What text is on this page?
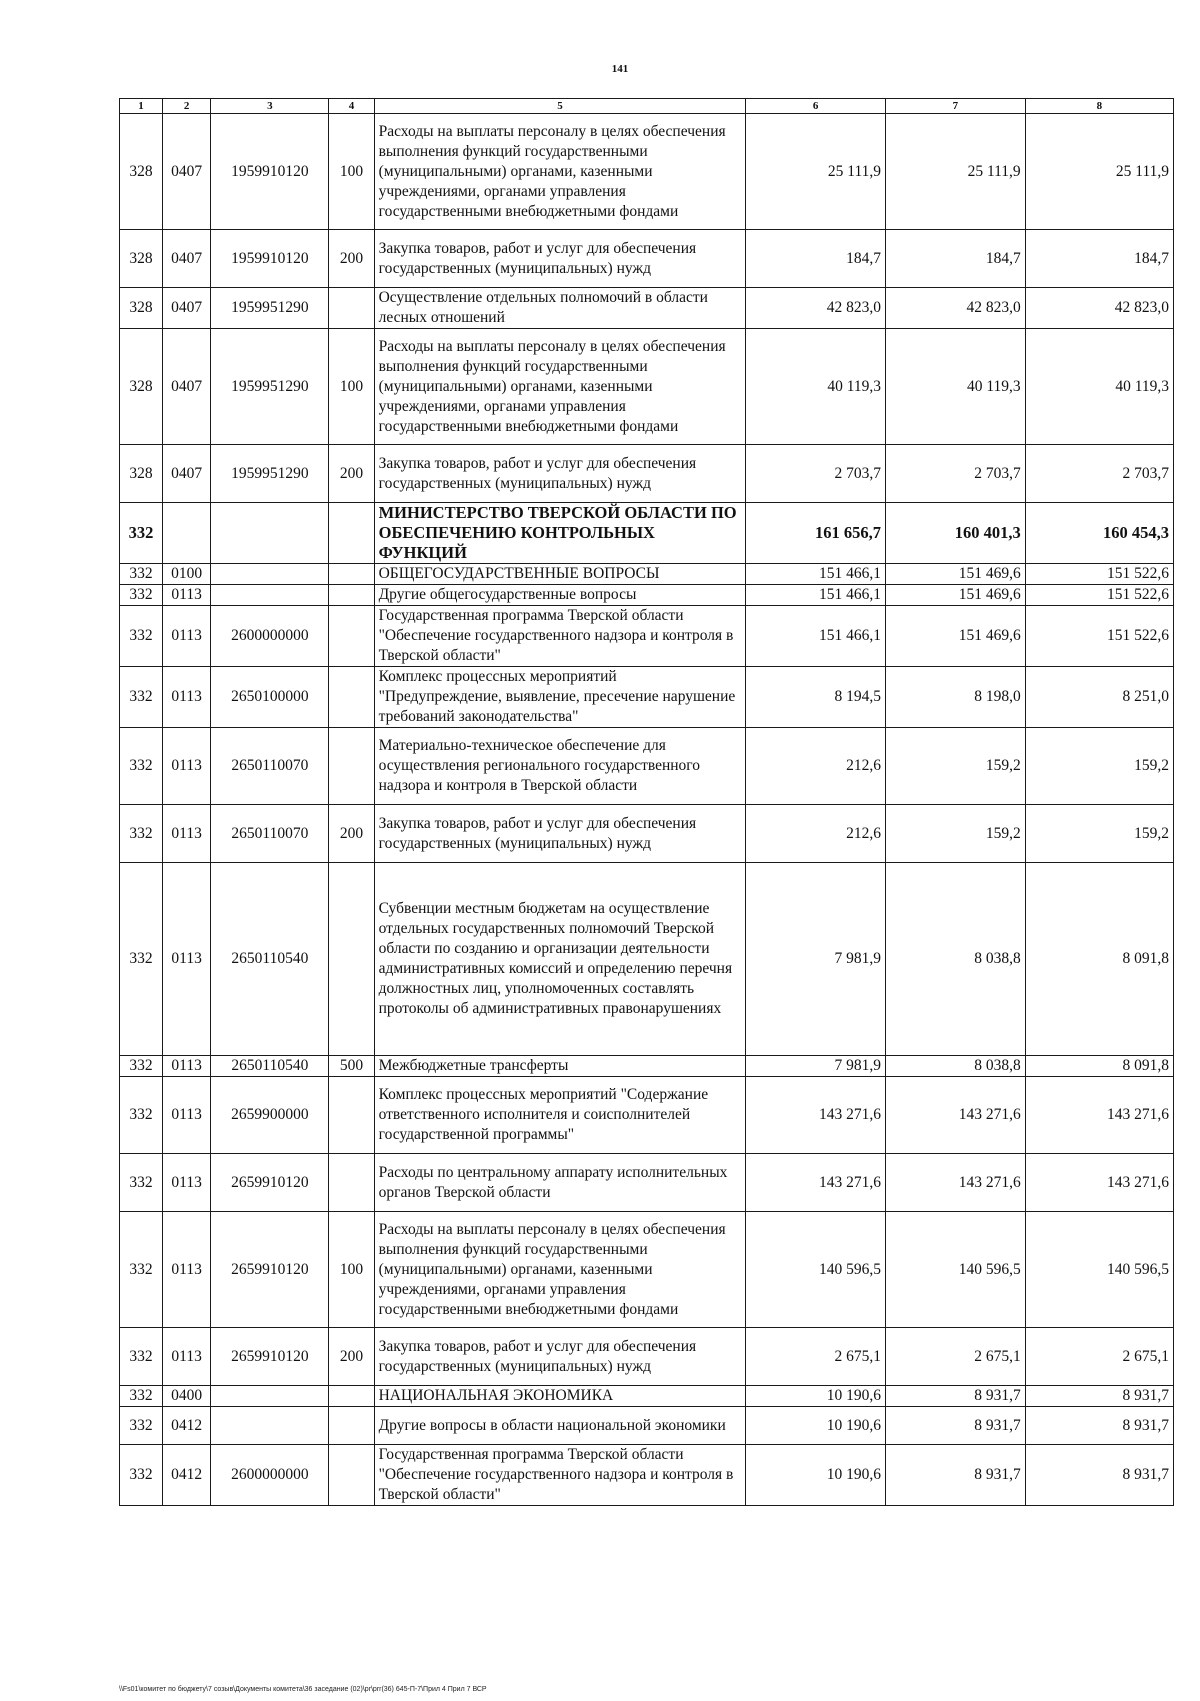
141
1	2	3	4	5	6	7	8
328	0407	1959910120	100	Расходы на выплаты персоналу в целях обеспечения выполнения функций государственными (муниципальными) органами, казенными учреждениями, органами управления государственными внебюджетными фондами	25 111,9	25 111,9	25 111,9
328	0407	1959910120	200	Закупка товаров, работ и услуг для обеспечения государственных (муниципальных) нужд	184,7	184,7	184,7
328	0407	1959951290		Осуществление отдельных полномочий в области лесных отношений	42 823,0	42 823,0	42 823,0
328	0407	1959951290	100	Расходы на выплаты персоналу в целях обеспечения выполнения функций государственными (муниципальными) органами, казенными учреждениями, органами управления государственными внебюджетными фондами	40 119,3	40 119,3	40 119,3
328	0407	1959951290	200	Закупка товаров, работ и услуг для обеспечения государственных (муниципальных) нужд	2 703,7	2 703,7	2 703,7
332				МИНИСТЕРСТВО ТВЕРСКОЙ ОБЛАСТИ ПО ОБЕСПЕЧЕНИЮ КОНТРОЛЬНЫХ ФУНКЦИЙ	161 656,7	160 401,3	160 454,3
332	0100			ОБЩЕГОСУДАРСТВЕННЫЕ ВОПРОСЫ	151 466,1	151 469,6	151 522,6
332	0113			Другие общегосударственные вопросы	151 466,1	151 469,6	151 522,6
332	0113	2600000000		Государственная программа Тверской области "Обеспечение государственного надзора и контроля в Тверской области"	151 466,1	151 469,6	151 522,6
332	0113	2650100000		Комплекс процессных мероприятий "Предупреждение, выявление, пресечение нарушение требований законодательства"	8 194,5	8 198,0	8 251,0
332	0113	2650110070		Материально-техническое обеспечение для осуществления регионального государственного надзора и контроля в Тверской области	212,6	159,2	159,2
332	0113	2650110070	200	Закупка товаров, работ и услуг для обеспечения государственных (муниципальных) нужд	212,6	159,2	159,2
332	0113	2650110540		Субвенции местным бюджетам на осуществление отдельных государственных полномочий Тверской области по созданию и организации деятельности административных комиссий и определению перечня должностных лиц, уполномоченных составлять протоколы об административных правонарушениях	7 981,9	8 038,8	8 091,8
332	0113	2650110540	500	Межбюджетные трансферты	7 981,9	8 038,8	8 091,8
332	0113	2659900000		Комплекс процессных мероприятий "Содержание ответственного исполнителя и соисполнителей государственной программы"	143 271,6	143 271,6	143 271,6
332	0113	2659910120		Расходы по центральному аппарату исполнительных органов Тверской области	143 271,6	143 271,6	143 271,6
332	0113	2659910120	100	Расходы на выплаты персоналу в целях обеспечения выполнения функций государственными (муниципальными) органами, казенными учреждениями, органами управления государственными внебюджетными фондами	140 596,5	140 596,5	140 596,5
332	0113	2659910120	200	Закупка товаров, работ и услуг для обеспечения государственных (муниципальных) нужд	2 675,1	2 675,1	2 675,1
332	0400			НАЦИОНАЛЬНАЯ ЭКОНОМИКА	10 190,6	8 931,7	8 931,7
332	0412			Другие вопросы в области национальной экономики	10 190,6	8 931,7	8 931,7
332	0412	2600000000		Государственная программа Тверской области "Обеспечение государственного надзора и контроля в Тверской области"	10 190,6	8 931,7	8 931,7
\\Fs01\комитет по бюджету\7 созыв\Документы комитета\36 заседание (02)\pr\prr(36) 645-П-7\Прил 4 Прил 7 ВСР
